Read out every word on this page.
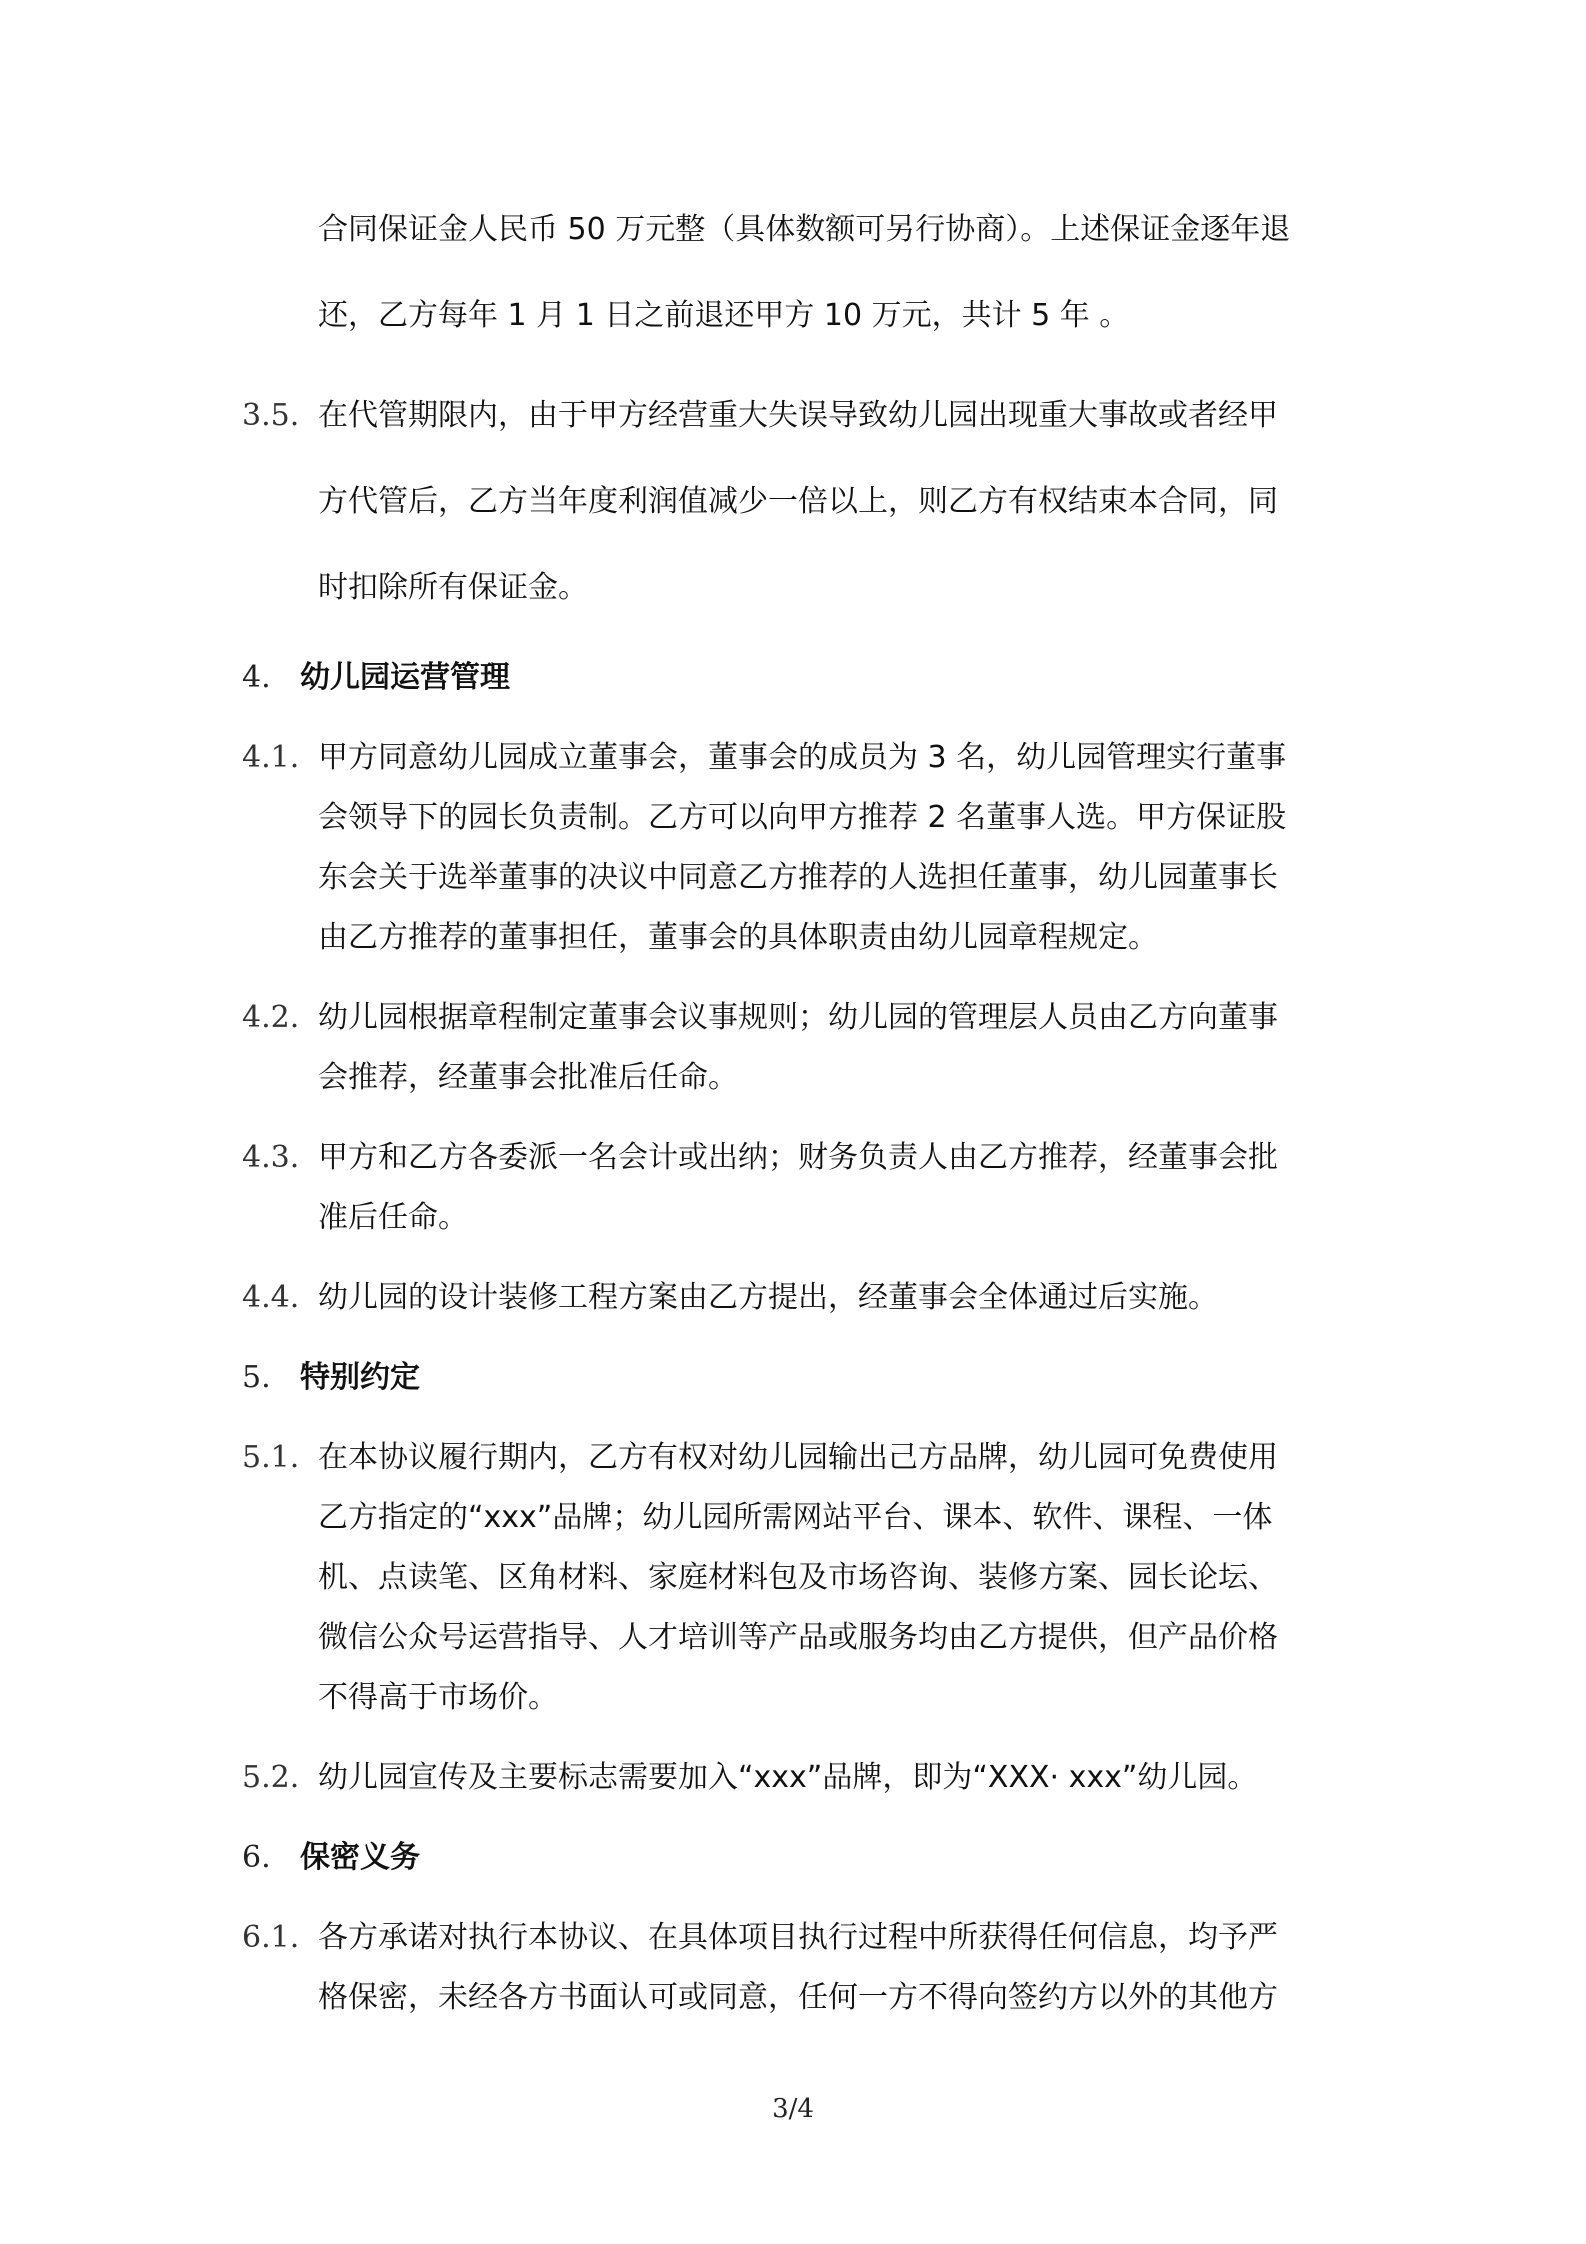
合同保证金人民币 50 万元整（具体数额可另行协商）。上述保证金逐年退
还，乙方每年 1 月 1 日之前退还甲方 10 万元，共计 5 年 。
3.5. 在代管期限内，由于甲方经营重大失误导致幼儿园出现重大事故或者经甲
方代管后，乙方当年度利润值减少一倍以上，则乙方有权结束本合同，同
时扣除所有保证金。
4. 幼儿园运营管理
4.1. 甲方同意幼儿园成立董事会，董事会的成员为 3 名，幼儿园管理实行董事
会领导下的园长负责制。乙方可以向甲方推荐 2 名董事人选。甲方保证股
东会关于选举董事的决议中同意乙方推荐的人选担任董事，幼儿园董事长
由乙方推荐的董事担任，董事会的具体职责由幼儿园章程规定。
4.2. 幼儿园根据章程制定董事会议事规则；幼儿园的管理层人员由乙方向董事
会推荐，经董事会批准后任命。
4.3. 甲方和乙方各委派一名会计或出纳；财务负责人由乙方推荐，经董事会批
准后任命。
4.4. 幼儿园的设计装修工程方案由乙方提出，经董事会全体通过后实施。
5. 特别约定
5.1. 在本协议履行期内，乙方有权对幼儿园输出己方品牌，幼儿园可免费使用
乙方指定的“xxx”品牌；幼儿园所需网站平台、课本、软件、课程、一体
机、点读笔、区角材料、家庭材料包及市场咨询、装修方案、园长论坛、
微信公众号运营指导、人才培训等产品或服务均由乙方提供，但产品价格
不得高于市场价。
5.2. 幼儿园宣传及主要标志需要加入“xxx”品牌，即为“XXX· xxx”幼儿园。
6. 保密义务
6.1. 各方承诺对执行本协议、在具体项目执行过程中所获得任何信息，均予严
格保密，未经各方书面认可或同意，任何一方不得向签约方以外的其他方
3/4
